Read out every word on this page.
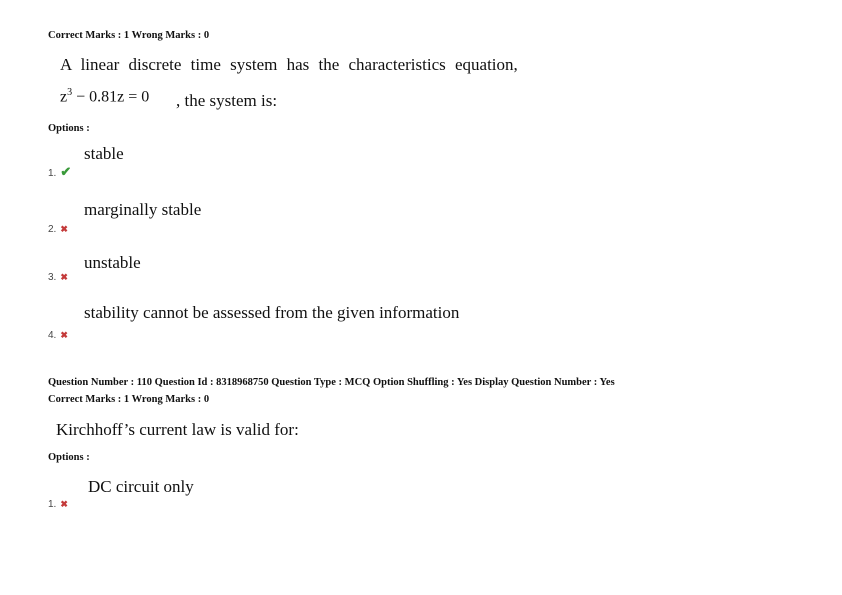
Correct Marks : 1 Wrong Marks : 0
A linear discrete time system has the characteristics equation,
$z^3 - 0.81z = 0$ , the system is:
Options :
stable
1. ✔
marginally stable
2. ✖
unstable
3. ✖
stability cannot be assessed from the given information
4. ✖
Question Number : 110 Question Id : 8318968750 Question Type : MCQ Option Shuffling : Yes Display Question Number : Yes
Correct Marks : 1 Wrong Marks : 0
Kirchhoff’s current law is valid for:
Options :
DC circuit only
1. ✖
